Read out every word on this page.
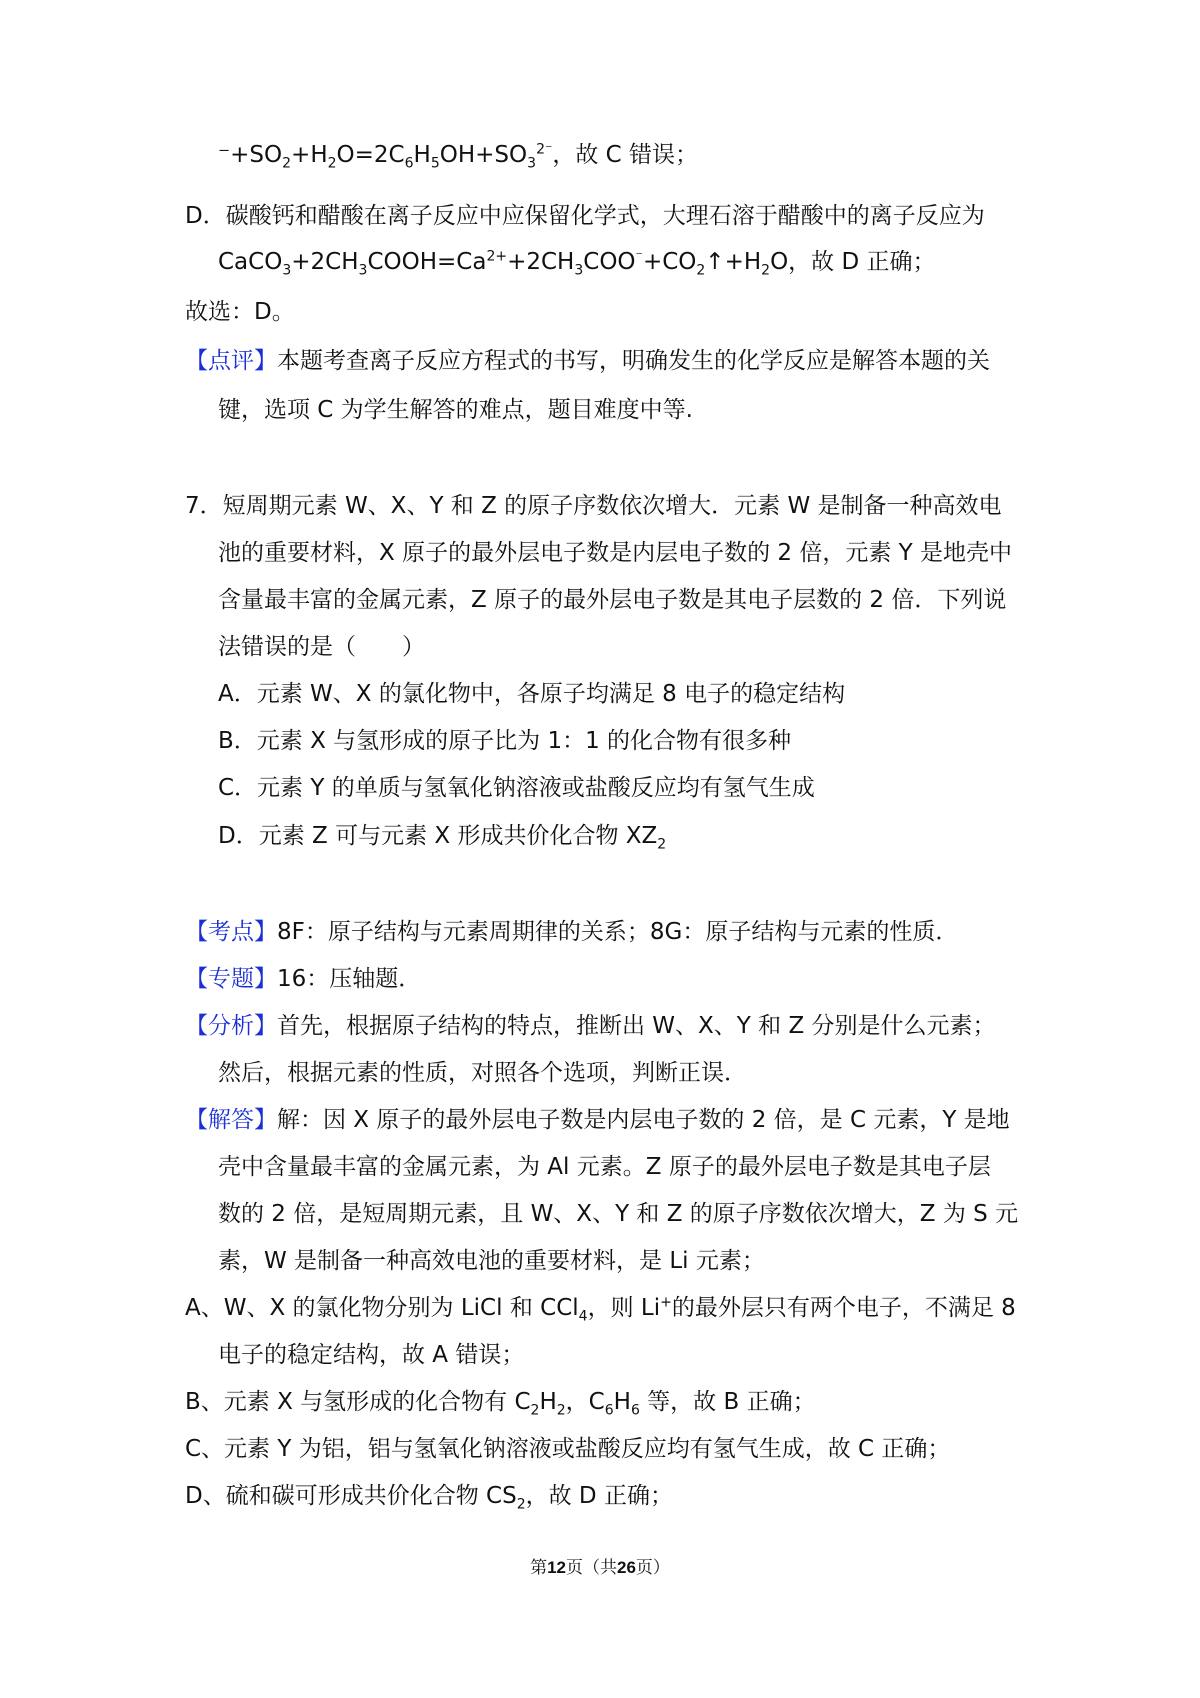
$^-+SO_2+H_2O=2C_6H_5OH+SO_3^{2^-}$，故 C 错误；
D．碳酸钙和醋酸在离子反应中应保留化学式，大理石溶于醋酸中的离子反应为
$CaCO_3+2CH_3COOH=Ca^{2+}+2CH_3COO^{^-}+CO_2↑+H_2O$，故 D 正确；
故选：D。
【点评】本题考查离子反应方程式的书写，明确发生的化学反应是解答本题的关
键，选项 C 为学生解答的难点，题目难度中等.
7．短周期元素 W、X、Y 和 Z 的原子序数依次增大．元素 W 是制备一种高效电
池的重要材料，X 原子的最外层电子数是内层电子数的 2 倍，元素 Y 是地壳中
含量最丰富的金属元素，Z 原子的最外层电子数是其电子层数的 2 倍．下列说
法错误的是（　　）
A．元素 W、X 的氯化物中，各原子均满足 8 电子的稳定结构
B．元素 X 与氢形成的原子比为 1：1 的化合物有很多种
C．元素 Y 的单质与氢氧化钠溶液或盐酸反应均有氢气生成
D．元素 Z 可与元素 X 形成共价化合物 $XZ_2$
【考点】8F：原子结构与元素周期律的关系；8G：原子结构与元素的性质．
【专题】16：压轴题．
【分析】首先，根据原子结构的特点，推断出 W、X、Y 和 Z 分别是什么元素；
然后，根据元素的性质，对照各个选项，判断正误．
【解答】解：因 X 原子的最外层电子数是内层电子数的 2 倍，是 C 元素，Y 是地
壳中含量最丰富的金属元素，为 Al 元素。Z 原子的最外层电子数是其电子层
数的 2 倍，是短周期元素，且 W、X、Y 和 Z 的原子序数依次增大，Z 为 S 元
素，W 是制备一种高效电池的重要材料，是 Li 元素；
A、W、X 的氯化物分别为 LiCl 和 CCl$_4$，则 Li+的最外层只有两个电子，不满足 8
电子的稳定结构，故 A 错误；
B、元素 X 与氢形成的化合物有 $C_2H_2$，$C_6H_6$ 等，故 B 正确；
C、元素 Y 为铝，铝与氢氧化钠溶液或盐酸反应均有氢气生成，故 C 正确；
D、硫和碳可形成共价化合物 $CS_2$，故 D 正确；
第12页（共26页）
